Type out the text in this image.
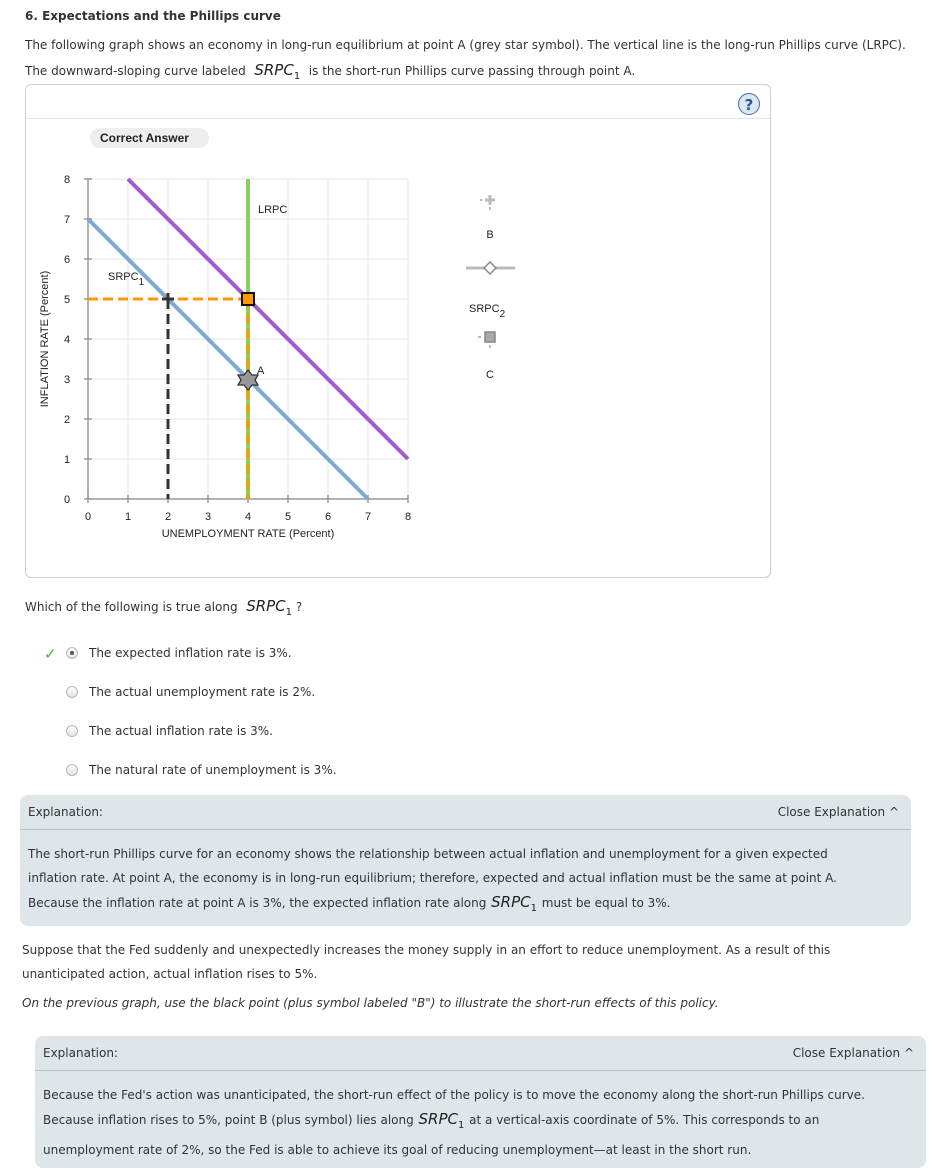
6. Expectations and the Phillips curve
The following graph shows an economy in long-run equilibrium at point A (grey star symbol). The vertical line is the long-run Phillips curve (LRPC).
The downward-sloping curve labeled $SRPC_1$ is the short-run Phillips curve passing through point A.
?
Correct Answer
8
7
6
5
4
3
2
1
0
0	1	2	3	4	5	6	7	8
UNEMPLOYMENT RATE (Percent)
INFLATION RATE (Percent)
LRPC
SRPC1
A
B
SRPC2
C
Which of the following is true along $SRPC_1$ ?
✓	The expected inflation rate is 3%.
The actual unemployment rate is 2%.
The actual inflation rate is 3%.
The natural rate of unemployment is 3%.
Explanation:	Close Explanation ^
The short-run Phillips curve for an economy shows the relationship between actual inflation and unemployment for a given expected
inflation rate. At point A, the economy is in long-run equilibrium; therefore, expected and actual inflation must be the same at point A.
Because the inflation rate at point A is 3%, the expected inflation rate along $SRPC_1$ must be equal to 3%.
Suppose that the Fed suddenly and unexpectedly increases the money supply in an effort to reduce unemployment. As a result of this
unanticipated action, actual inflation rises to 5%.
On the previous graph, use the black point (plus symbol labeled "B") to illustrate the short-run effects of this policy.
Explanation:	Close Explanation ^
Because the Fed's action was unanticipated, the short-run effect of the policy is to move the economy along the short-run Phillips curve.
Because inflation rises to 5%, point B (plus symbol) lies along $SRPC_1$ at a vertical-axis coordinate of 5%. This corresponds to an
unemployment rate of 2%, so the Fed is able to achieve its goal of reducing unemployment—at least in the short run.
